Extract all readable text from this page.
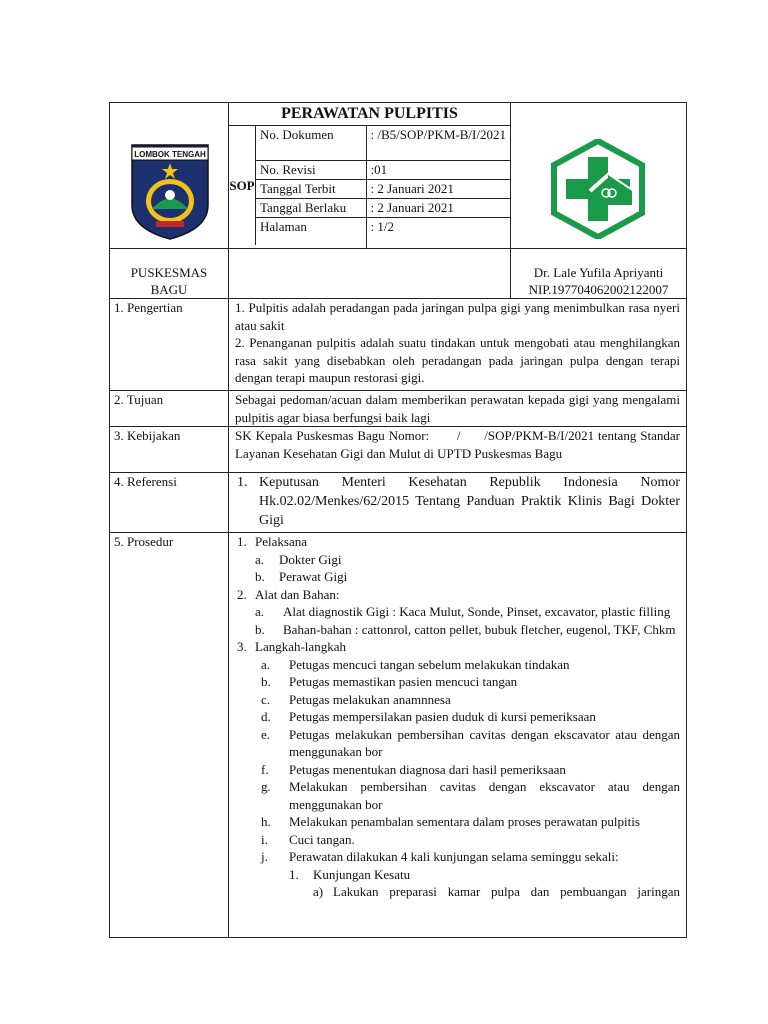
LOMBOK TENGAH

PERAWATAN PULPITIS
SOP
No. Dokumen	: /B5/SOP/PKM-B/I/2021
No. Revisi	:01
Tanggal Terbit	: 2 Januari 2021
Tanggal Berlaku	: 2 Januari 2021
Halaman	: 1/2

PUSKESMAS BAGU

Dr. Lale Yufila Apriyanti
NIP.197704062002122007

1. Pengertian	1. Pulpitis adalah peradangan pada jaringan pulpa gigi yang menimbulkan rasa nyeri atau sakit
2. Penanganan pulpitis adalah suatu tindakan untuk mengobati atau menghilangkan rasa sakit yang disebabkan oleh peradangan pada jaringan pulpa dengan terapi dengan terapi maupun restorasi gigi.

2. Tujuan	Sebagai pedoman/acuan dalam memberikan perawatan kepada gigi yang mengalami pulpitis agar biasa berfungsi baik lagi
3. Kebijakan	SK Kepala Puskesmas Bagu Nomor:       /      /SOP/PKM-B/I/2021 tentang Standar Layanan Kesehatan Gigi dan Mulut di UPTD Puskesmas Bagu
4. Referensi	1. Keputusan Menteri Kesehatan Republik Indonesia Nomor Hk.02.02/Menkes/62/2015 Tentang Panduan Praktik Klinis Bagi Dokter Gigi

5. Prosedur	1. Pelaksana
a.	Dokter Gigi
b.	Perawat Gigi
2. Alat dan Bahan:
a.	Alat diagnostik Gigi : Kaca Mulut, Sonde, Pinset, excavator, plastic filling
b.	Bahan-bahan : cattonrol, catton pellet, bubuk fletcher, eugenol, TKF, Chkm
3. Langkah-langkah
a.	Petugas mencuci tangan sebelum melakukan tindakan
b.	Petugas memastikan pasien mencuci tangan
c.	Petugas melakukan anamnnesa
d.	Petugas mempersilakan pasien duduk di kursi pemeriksaan
e.	Petugas melakukan pembersihan cavitas dengan ekscavator atau dengan menggunakan bor
f.	Petugas menentukan diagnosa dari hasil pemeriksaan
g.	Melakukan pembersihan cavitas dengan ekscavator atau dengan menggunakan bor
h.	Melakukan penambalan sementara dalam proses perawatan pulpitis
i.	Cuci tangan.
j.	Perawatan dilakukan 4 kali kunjungan selama seminggu sekali:
1.	Kunjungan Kesatu
a) Lakukan preparasi kamar pulpa dan pembuangan jaringan
